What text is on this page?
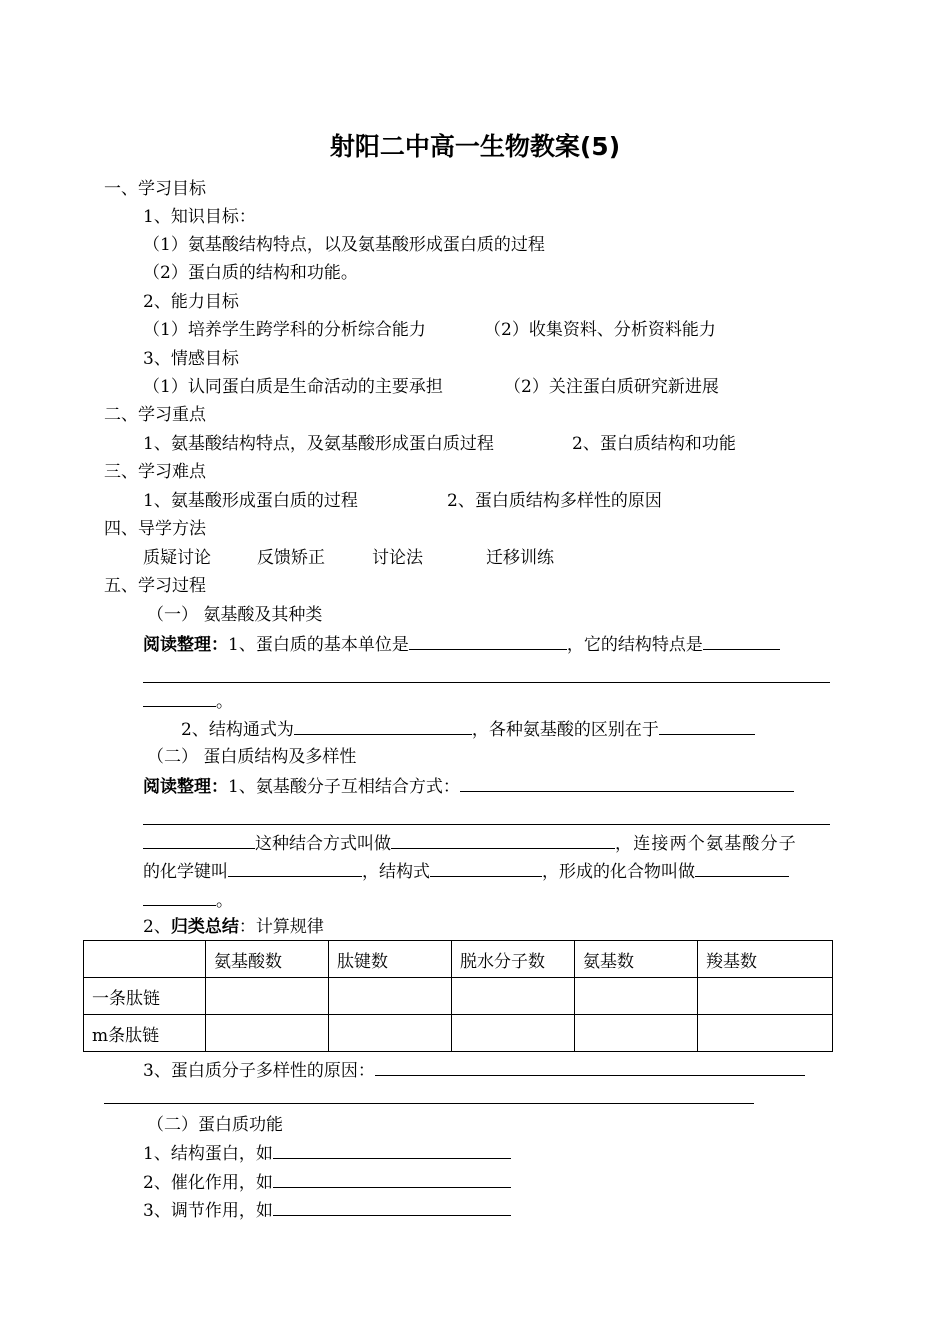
射阳二中高一生物教案(5)
一、学习目标
1、知识目标：
（1）氨基酸结构特点，以及氨基酸形成蛋白质的过程
（2）蛋白质的结构和功能。
2、能力目标
（1）培养学生跨学科的分析综合能力	（2）收集资料、分析资料能力
3、情感目标
（1）认同蛋白质是生命活动的主要承担	（2）关注蛋白质研究新进展
二、学习重点
1、氨基酸结构特点，及氨基酸形成蛋白质过程	2、蛋白质结构和功能
三、学习难点
1、氨基酸形成蛋白质的过程	2、蛋白质结构多样性的原因
四、导学方法
质疑讨论	反馈矫正	讨论法	迁移训练
五、学习过程
（一） 氨基酸及其种类
阅读整理：1、蛋白质的基本单位是	，它的结构特点是
。
2、结构通式为	，各种氨基酸的区别在于
（二） 蛋白质结构及多样性
阅读整理：1、氨基酸分子互相结合方式：
这种结合方式叫做	，连接两个氨基酸分子
的化学键叫	，结构式	，形成的化合物叫做
。
2、归类总结：计算规律
	氨基酸数	肽键数	脱水分子数	氨基数	羧基数
一条肽链					
m条肽链					
3、蛋白质分子多样性的原因：
（二）蛋白质功能
1、结构蛋白，如
2、催化作用，如
3、调节作用，如
